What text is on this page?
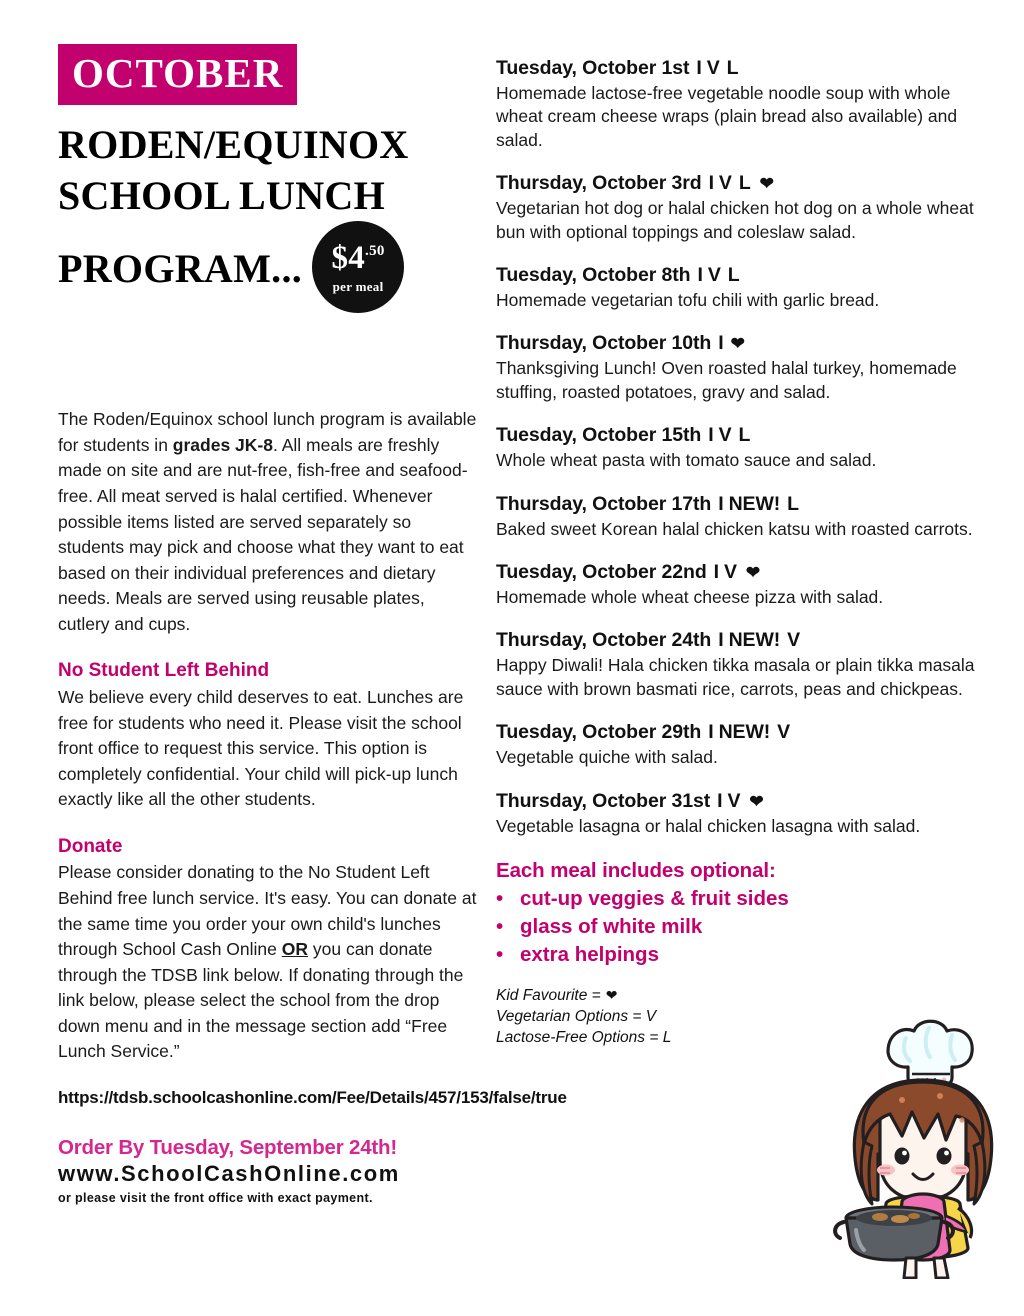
OCTOBER
RODEN/EQUINOX
SCHOOL LUNCH
PROGRAM... $4 .50
per meal

The Roden/Equinox school lunch program is available for students in grades JK-8. All meals are freshly made on site and are nut-free, fish-free and seafood-free. All meat served is halal certified. Whenever possible items listed are served separately so students may pick and choose what they want to eat based on their individual preferences and dietary needs. Meals are served using reusable plates, cutlery and cups.

No Student Left Behind

We believe every child deserves to eat. Lunches are free for students who need it. Please visit the school front office to request this service. This option is completely confidential. Your child will pick-up lunch exactly like all the other students.

Donate

Please consider donating to the No Student Left Behind free lunch service. It's easy. You can donate at the same time you order your own child's lunches through School Cash Online OR you can donate through the TDSB link below. If donating through the link below, please select the school from the drop down menu and in the message section add “Free Lunch Service.”

https://tdsb.schoolcashonline.com/Fee/Details/457/153/false/true
Order By Tuesday, September 24th!
www.SchoolCashOnline.com
or please visit the front office with exact payment.
Tuesday, October 1st I V L
Homemade lactose-free vegetable noodle soup with whole wheat cream cheese wraps (plain bread also available) and salad.
Thursday, October 3rd I V L ❤
Vegetarian hot dog or halal chicken hot dog on a whole wheat bun with optional toppings and coleslaw salad.
Tuesday, October 8th I V L
Homemade vegetarian tofu chili with garlic bread.
Thursday, October 10th I ❤
Thanksgiving Lunch! Oven roasted halal turkey, homemade stuffing, roasted potatoes, gravy and salad.
Tuesday, October 15th I V L
Whole wheat pasta with tomato sauce and salad.
Thursday, October 17th I NEW! L
Baked sweet Korean halal chicken katsu with roasted carrots.
Tuesday, October 22nd I V ❤
Homemade whole wheat cheese pizza with salad.
Thursday, October 24th I NEW! V
Happy Diwali! Hala chicken tikka masala or plain tikka masala sauce with brown basmati rice, carrots, peas and chickpeas.
Tuesday, October 29th I NEW! V
Vegetable quiche with salad.
Thursday, October 31st I V ❤
Vegetable lasagna or halal chicken lasagna with salad.
Each meal includes optional:
• cut-up veggies & fruit sides
• glass of white milk
• extra helpings
Kid Favourite = ❤
Vegetarian Options = V
Lactose-Free Options = L
